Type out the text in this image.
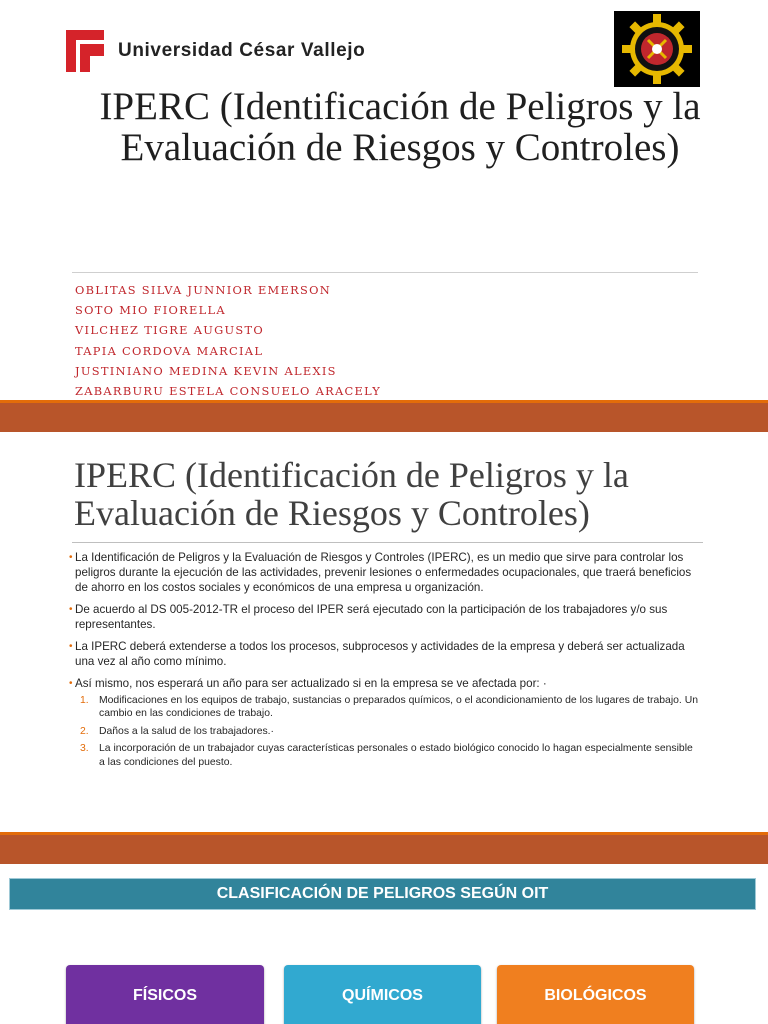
Universidad César Vallejo
IPERC (Identificación de Peligros y la Evaluación de Riesgos y Controles)
OBLITAS SILVA JUNNIOR EMERSON
SOTO MIO FIORELLA
VILCHEZ TIGRE AUGUSTO
TAPIA CORDOVA MARCIAL
JUSTINIANO MEDINA KEVIN ALEXIS
ZABARBURU ESTELA CONSUELO ARACELY
IPERC (Identificación de Peligros y la Evaluación de Riesgos y Controles)
• La Identificación de Peligros y la Evaluación de Riesgos y Controles (IPERC), es un medio que sirve para controlar los peligros durante la ejecución de las actividades, prevenir lesiones o enfermedades ocupacionales, que traerá beneficios de ahorro en los costos sociales y económicos de una empresa u organización.
• De acuerdo al DS 005-2012-TR el proceso del IPER será ejecutado con la participación de los trabajadores y/o sus representantes.
• La IPERC deberá extenderse a todos los procesos, subprocesos y actividades de la empresa y deberá ser actualizada una vez al año como mínimo.
• Así mismo, nos esperará un año para ser actualizado si en la empresa se ve afectada por: ·
1. Modificaciones en los equipos de trabajo, sustancias o preparados químicos, o el acondicionamiento de los lugares de trabajo. Un cambio en las condiciones de trabajo.
2. Daños a la salud de los trabajadores.·
3. La incorporación de un trabajador cuyas características personales o estado biológico conocido lo hagan especialmente sensible a las condiciones del puesto.
CLASIFICACIÓN DE PELIGROS SEGÚN OIT
FÍSICOS	QUÍMICOS	BIOLÓGICOS
